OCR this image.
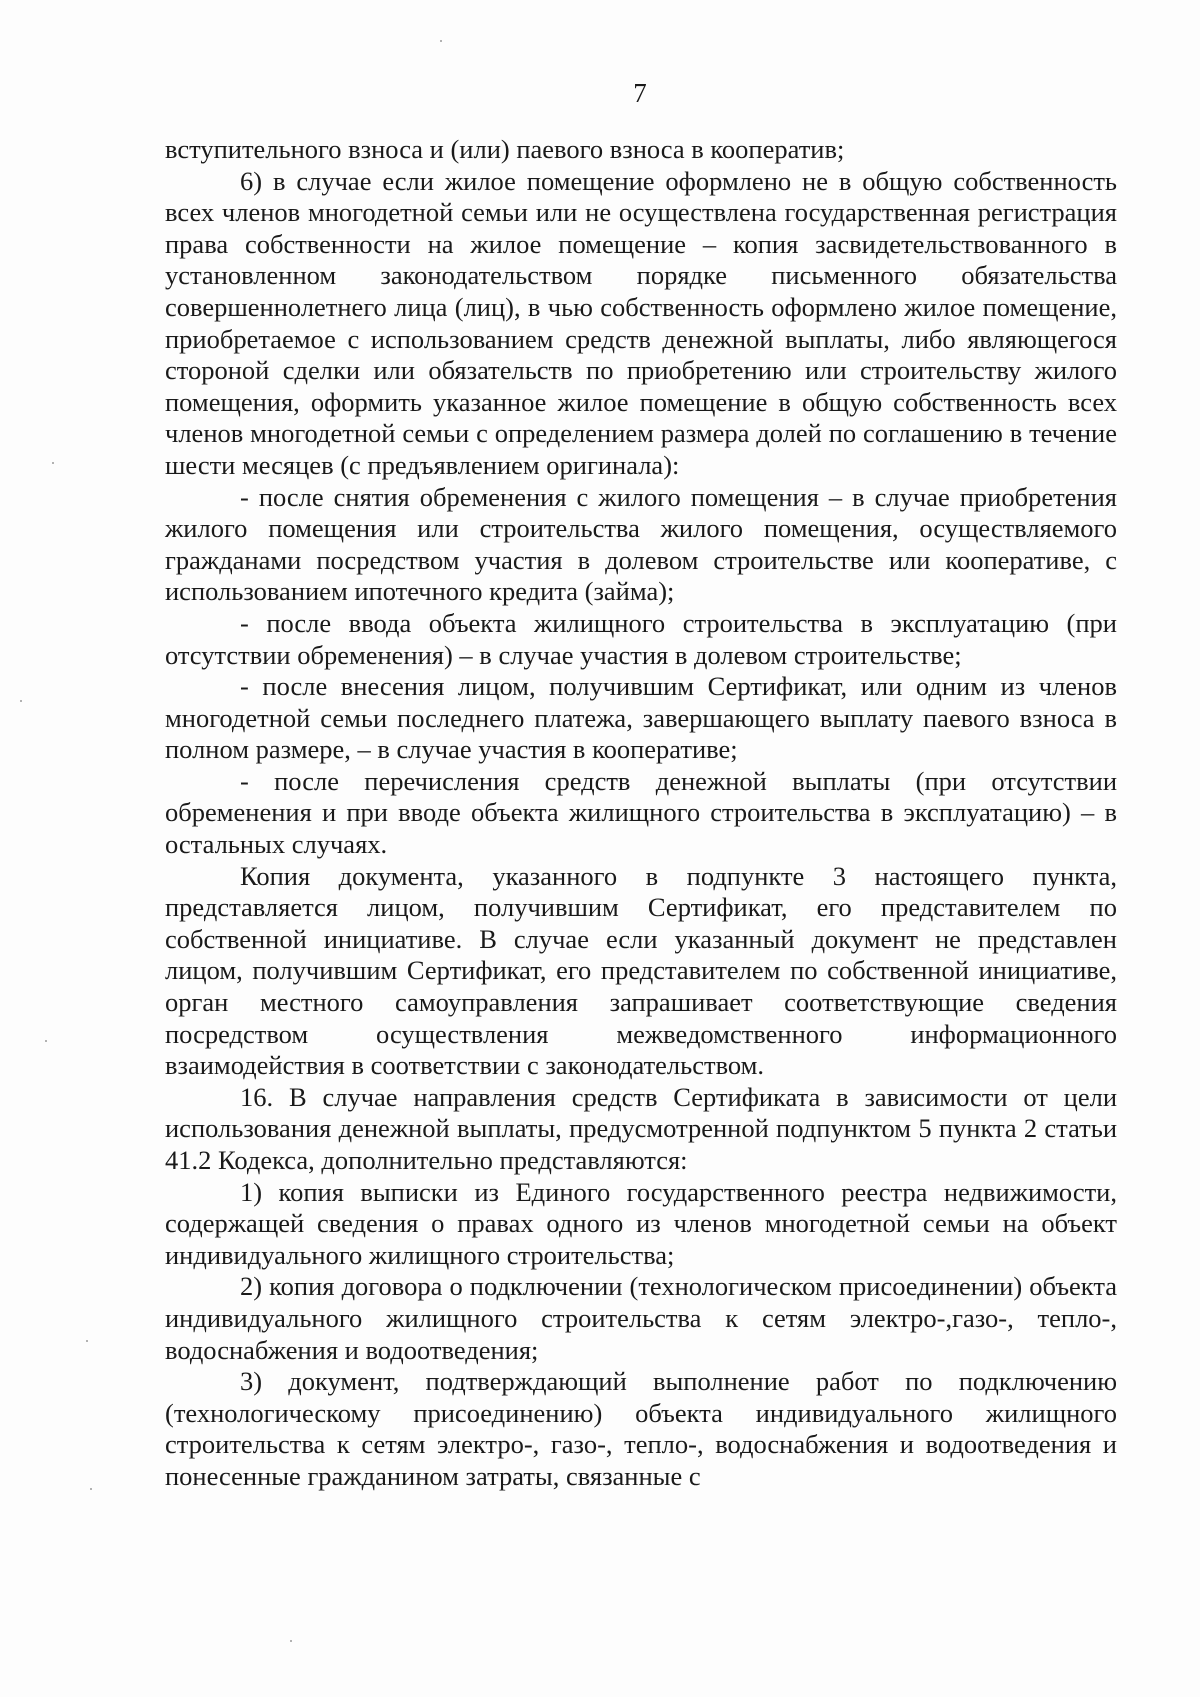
7

вступительного взноса и (или) паевого взноса в кооператив;

6) в случае если жилое помещение оформлено не в общую собственность всех членов многодетной семьи или не осуществлена государственная регистрация права собственности на жилое помещение – копия засвидетельствованного в установленном законодательством порядке письменного обязательства совершеннолетнего лица (лиц), в чью собственность оформлено жилое помещение, приобретаемое с использованием средств денежной выплаты, либо являющегося стороной сделки или обязательств по приобретению или строительству жилого помещения, оформить указанное жилое помещение в общую собственность всех членов многодетной семьи с определением размера долей по соглашению в течение шести месяцев (с предъявлением оригинала):

- после снятия обременения с жилого помещения – в случае приобретения жилого помещения или строительства жилого помещения, осуществляемого гражданами посредством участия в долевом строительстве или кооперативе, с использованием ипотечного кредита (займа);

- после ввода объекта жилищного строительства в эксплуатацию (при отсутствии обременения) – в случае участия в долевом строительстве;

- после внесения лицом, получившим Сертификат, или одним из членов многодетной семьи последнего платежа, завершающего выплату паевого взноса в полном размере, – в случае участия в кооперативе;

- после перечисления средств денежной выплаты (при отсутствии обременения и при вводе объекта жилищного строительства в эксплуатацию) – в остальных случаях.

Копия документа, указанного в подпункте 3 настоящего пункта, представляется лицом, получившим Сертификат, его представителем по собственной инициативе. В случае если указанный документ не представлен лицом, получившим Сертификат, его представителем по собственной инициативе, орган местного самоуправления запрашивает соответствующие сведения посредством осуществления межведомственного информационного взаимодействия в соответствии с законодательством.

16. В случае направления средств Сертификата в зависимости от цели использования денежной выплаты, предусмотренной подпунктом 5 пункта 2 статьи 41.2 Кодекса, дополнительно представляются:

1) копия выписки из Единого государственного реестра недвижимости, содержащей сведения о правах одного из членов многодетной семьи на объект индивидуального жилищного строительства;

2) копия договора о подключении (технологическом присоединении) объекта индивидуального жилищного строительства к сетям электро-,газо-, тепло-, водоснабжения и водоотведения;

3) документ, подтверждающий выполнение работ по подключению (технологическому присоединению) объекта индивидуального жилищного строительства к сетям электро-, газо-, тепло-, водоснабжения и водоотведения и понесенные гражданином затраты, связанные с
